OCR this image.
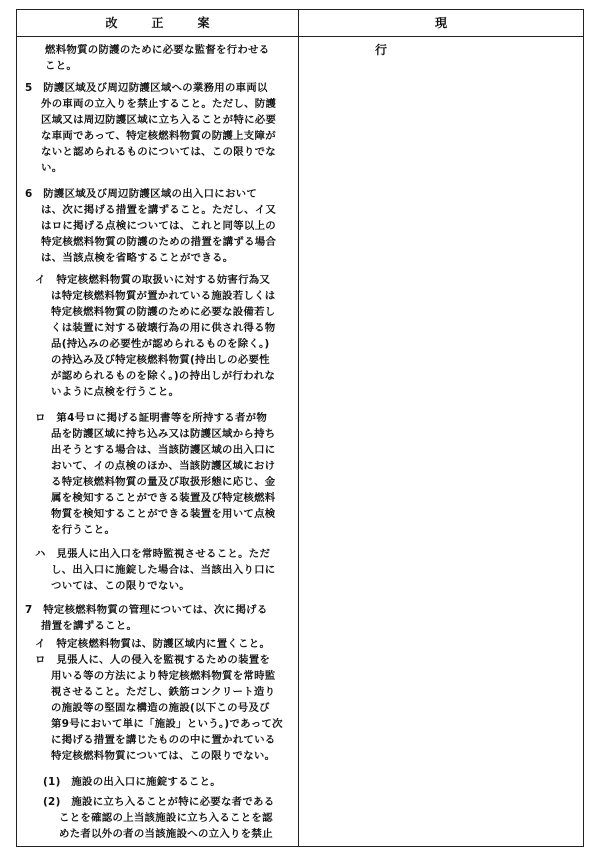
改正案	現行
燃料物質の防護のために必要な監督を行わせる
こと。
5　防護区域及び周辺防護区域への業務用の車両以
外の車両の立入りを禁止すること。ただし、防護
区域又は周辺防護区域に立ち入ることが特に必要
な車両であって、特定核燃料物質の防護上支障が
ないと認められるものについては、この限りでな
い。
6　防護区域及び周辺防護区域の出入口において
は、次に掲げる措置を講ずること。ただし、イ又
はロに掲げる点検については、これと同等以上の
特定核燃料物質の防護のための措置を講ずる場合
は、当該点検を省略することができる。
イ　特定核燃料物質の取扱いに対する妨害行為又
は特定核燃料物質が置かれている施設若しくは
特定核燃料物質の防護のために必要な設備若し
くは装置に対する破壊行為の用に供され得る物
品(持込みの必要性が認められるものを除く。)
の持込み及び特定核燃料物質(持出しの必要性
が認められるものを除く。)の持出しが行われな
いように点検を行うこと。
ロ　第4号ロに掲げる証明書等を所持する者が物
品を防護区域に持ち込み又は防護区域から持ち
出そうとする場合は、当該防護区域の出入口に
おいて、イの点検のほか、当該防護区域におけ
る特定核燃料物質の量及び取扱形態に応じ、金
属を検知することができる装置及び特定核燃料
物質を検知することができる装置を用いて点検
を行うこと。
ハ　見張人に出入口を常時監視させること。ただ
し、出入口に施錠した場合は、当該出入り口に
ついては、この限りでない。
7　特定核燃料物質の管理については、次に掲げる
措置を講ずること。
イ　特定核燃料物質は、防護区域内に置くこと。
ロ　見張人に、人の侵入を監視するための装置を
用いる等の方法により特定核燃料物質を常時監
視させること。ただし、鉄筋コンクリート造り
の施設等の堅固な構造の施設(以下この号及び
第9号において単に「施設」という。)であって次
に掲げる措置を講じたものの中に置かれている
特定核燃料物質については、この限りでない。
(1)　施設の出入口に施錠すること。
(2)　施設に立ち入ることが特に必要な者である
ことを確認の上当該施設に立ち入ることを認
めた者以外の者の当該施設への立入りを禁止
